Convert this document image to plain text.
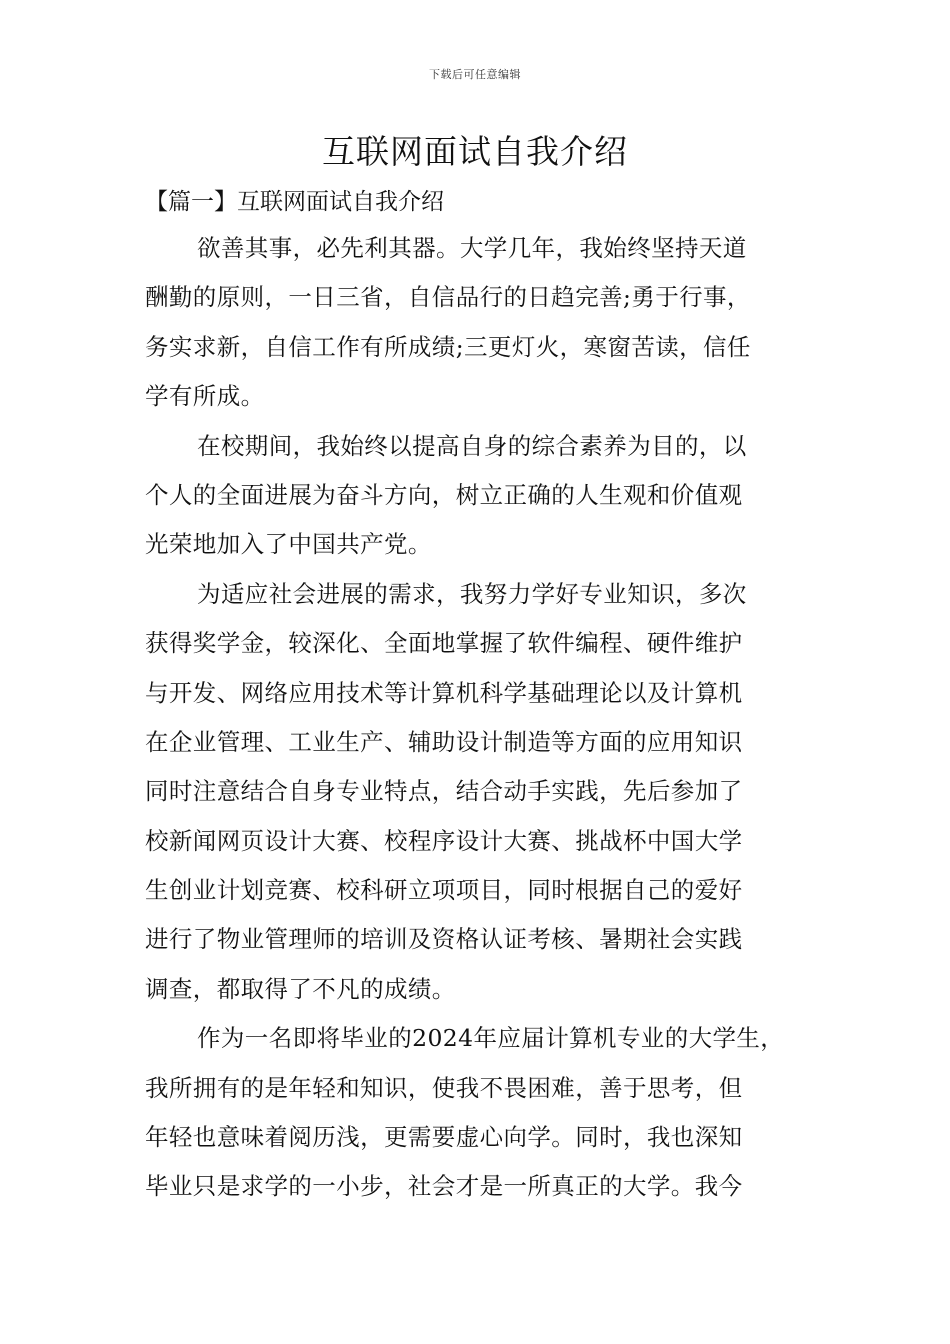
下载后可任意编辑
互联网面试自我介绍
【篇一】互联网面试自我介绍
欲善其事，必先利其器。大学几年，我始终坚持天道
酬勤的原则，一日三省，自信品行的日趋完善;勇于行事，
务实求新，自信工作有所成绩;三更灯火，寒窗苦读，信任
学有所成。
在校期间，我始终以提高自身的综合素养为目的，以
个人的全面进展为奋斗方向，树立正确的人生观和价值观
光荣地加入了中国共产党。
为适应社会进展的需求，我努力学好专业知识，多次
获得奖学金，较深化、全面地掌握了软件编程、硬件维护
与开发、网络应用技术等计算机科学基础理论以及计算机
在企业管理、工业生产、辅助设计制造等方面的应用知识
同时注意结合自身专业特点，结合动手实践，先后参加了
校新闻网页设计大赛、校程序设计大赛、挑战杯中国大学
生创业计划竞赛、校科研立项项目，同时根据自己的爱好
进行了物业管理师的培训及资格认证考核、暑期社会实践
调查，都取得了不凡的成绩。
作为一名即将毕业的2024年应届计算机专业的大学生，
我所拥有的是年轻和知识，使我不畏困难，善于思考，但
年轻也意味着阅历浅，更需要虚心向学。同时，我也深知
毕业只是求学的一小步，社会才是一所真正的大学。我今
